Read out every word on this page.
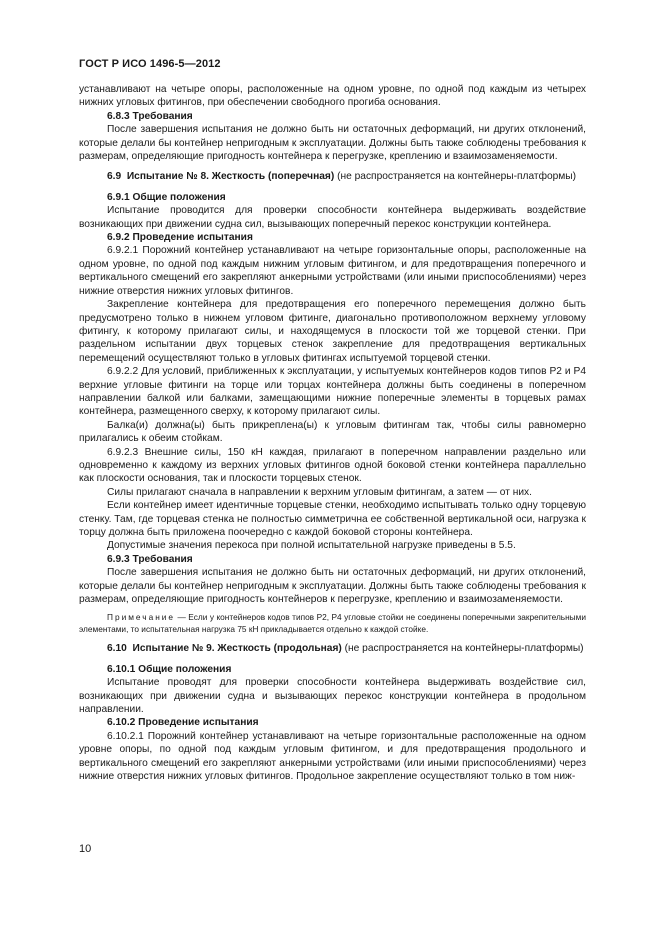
ГОСТ Р ИСО 1496-5—2012

устанавливают на четыре опоры, расположенные на одном уровне, по одной под каждым из четырех нижних угловых фитингов, при обеспечении свободного прогиба основания.

6.8.3 Требования

После завершения испытания не должно быть ни остаточных деформаций, ни других отклонений, которые делали бы контейнер непригодным к эксплуатации. Должны быть также соблюдены требования к размерам, определяющие пригодность контейнера к перегрузке, креплению и взаимозаменяемости.

6.9 Испытание № 8. Жесткость (поперечная) (не распространяется на контейнеры-платформы)

6.9.1 Общие положения

Испытание проводится для проверки способности контейнера выдерживать воздействие возникающих при движении судна сил, вызывающих поперечный перекос конструкции контейнера.

6.9.2 Проведение испытания

6.9.2.1 Порожний контейнер устанавливают на четыре горизонтальные опоры, расположенные на одном уровне, по одной под каждым нижним угловым фитингом, и для предотвращения поперечного и вертикального смещений его закрепляют анкерными устройствами (или иными приспособлениями) через нижние отверстия нижних угловых фитингов.

Закрепление контейнера для предотвращения его поперечного перемещения должно быть предусмотрено только в нижнем угловом фитинге, диагонально противоположном верхнему угловому фитингу, к которому прилагают силы, и находящемуся в плоскости той же торцевой стенки. При раздельном испытании двух торцевых стенок закрепление для предотвращения вертикальных перемещений осуществляют только в угловых фитингах испытуемой торцевой стенки.

6.9.2.2 Для условий, приближенных к эксплуатации, у испытуемых контейнеров кодов типов P2 и P4 верхние угловые фитинги на торце или торцах контейнера должны быть соединены в поперечном направлении балкой или балками, замещающими нижние поперечные элементы в торцевых рамах контейнера, размещенного сверху, к которому прилагают силы.

Балка(и) должна(ы) быть прикреплена(ы) к угловым фитингам так, чтобы силы равномерно прилагались к обеим стойкам.

6.9.2.3 Внешние силы, 150 кН каждая, прилагают в поперечном направлении раздельно или одновременно к каждому из верхних угловых фитингов одной боковой стенки контейнера параллельно как плоскости основания, так и плоскости торцевых стенок.

Силы прилагают сначала в направлении к верхним угловым фитингам, а затем — от них.

Если контейнер имеет идентичные торцевые стенки, необходимо испытывать только одну торцевую стенку. Там, где торцевая стенка не полностью симметрична ее собственной вертикальной оси, нагрузка к торцу должна быть приложена поочередно с каждой боковой стороны контейнера.

Допустимые значения перекоса при полной испытательной нагрузке приведены в 5.5.

6.9.3 Требования

После завершения испытания не должно быть ни остаточных деформаций, ни других отклонений, которые делали бы контейнер непригодным к эксплуатации. Должны быть также соблюдены требования к размерам, определяющие пригодность контейнеров к перегрузке, креплению и взаимозаменяемости.

Примечание — Если у контейнеров кодов типов P2, P4 угловые стойки не соединены поперечными закрепительными элементами, то испытательная нагрузка 75 кН прикладывается отдельно к каждой стойке.

6.10 Испытание № 9. Жесткость (продольная) (не распространяется на контейнеры-платформы)

6.10.1 Общие положения

Испытание проводят для проверки способности контейнера выдерживать воздействие сил, возникающих при движении судна и вызывающих перекос конструкции контейнера в продольном направлении.

6.10.2 Проведение испытания

6.10.2.1 Порожний контейнер устанавливают на четыре горизонтальные расположенные на одном уровне опоры, по одной под каждым угловым фитингом, и для предотвращения продольного и вертикального смещений его закрепляют анкерными устройствами (или иными приспособлениями) через нижние отверстия нижних угловых фитингов. Продольное закрепление осуществляют только в том ниж-

10
